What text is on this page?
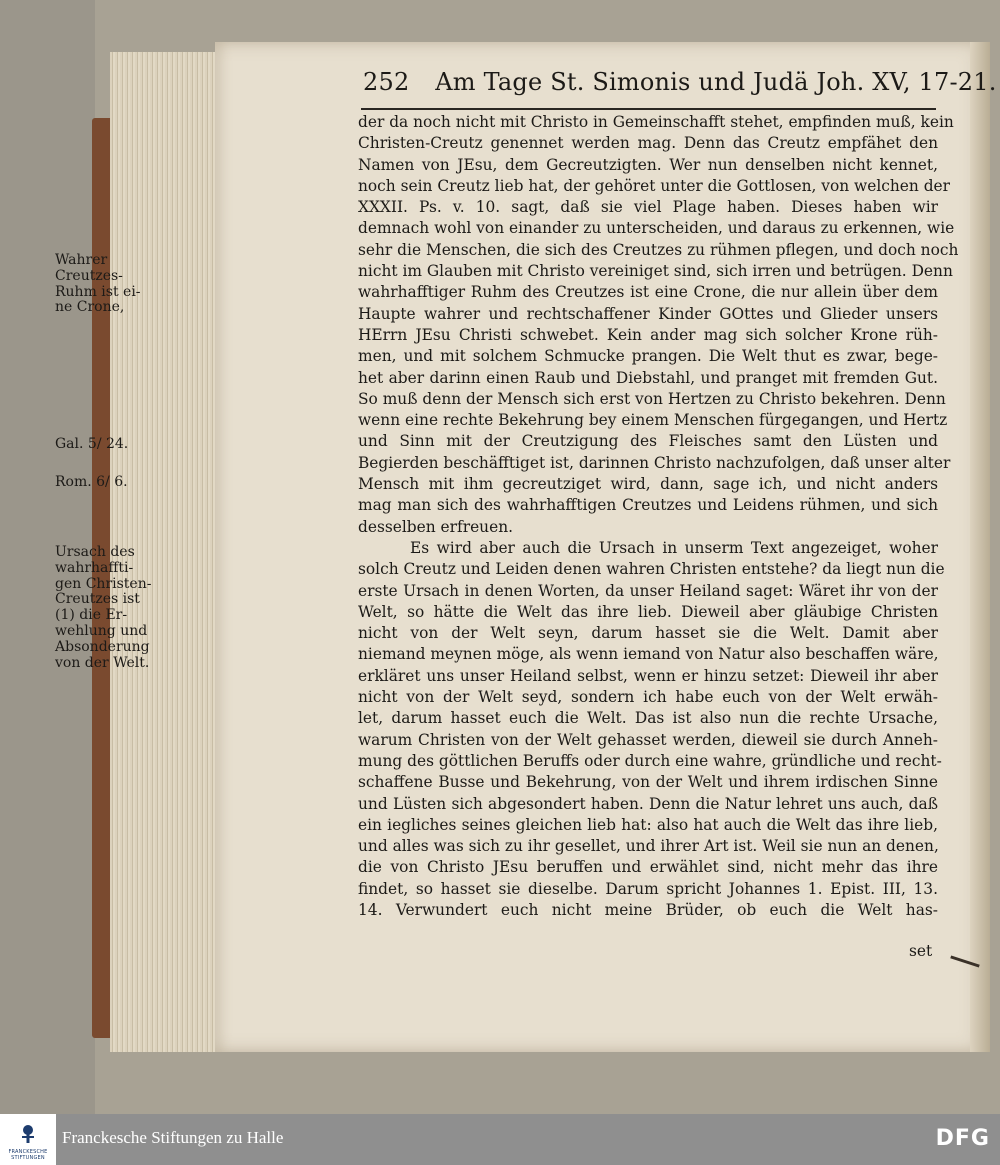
252 Am Tage St. Simonis und Judä Joh. XV, 17-21.
der da noch nicht mit Christo in Gemeinschafft stehet, empfinden muß, kein
Christen-Creutz genennet werden mag. Denn das Creutz empfähet den
Namen von JEsu, dem Gecreutzigten. Wer nun denselben nicht kennet,
noch sein Creutz lieb hat, der gehöret unter die Gottlosen, von welchen der
XXXII. Ps. v. 10. sagt, daß sie viel Plage haben. Dieses haben wir
demnach wohl von einander zu unterscheiden, und daraus zu erkennen, wie
sehr die Menschen, die sich des Creutzes zu rühmen pflegen, und doch noch
nicht im Glauben mit Christo vereiniget sind, sich irren und betrügen. Denn
wahrhafftiger Ruhm des Creutzes ist eine Crone, die nur allein über dem
Haupte wahrer und rechtschaffener Kinder GOttes und Glieder unsers
HErrn JEsu Christi schwebet. Kein ander mag sich solcher Krone rüh-
men, und mit solchem Schmucke prangen. Die Welt thut es zwar, bege-
het aber darinn einen Raub und Diebstahl, und pranget mit fremden Gut.
So muß denn der Mensch sich erst von Hertzen zu Christo bekehren. Denn
wenn eine rechte Bekehrung bey einem Menschen fürgegangen, und Hertz
und Sinn mit der Creutzigung des Fleisches samt den Lüsten und
Begierden beschäfftiget ist, darinnen Christo nachzufolgen, daß unser alter
Mensch mit ihm gecreutziget wird, dann, sage ich, und nicht anders
mag man sich des wahrhafftigen Creutzes und Leidens rühmen, und sich
desselben erfreuen.
Es wird aber auch die Ursach in unserm Text angezeiget, woher
solch Creutz und Leiden denen wahren Christen entstehe? da liegt nun die
erste Ursach in denen Worten, da unser Heiland saget: Wäret ihr von der
Welt, so hätte die Welt das ihre lieb. Dieweil aber gläubige Christen
nicht von der Welt seyn, darum hasset sie die Welt. Damit aber
niemand meynen möge, als wenn iemand von Natur also beschaffen wäre,
erkläret uns unser Heiland selbst, wenn er hinzu setzet: Dieweil ihr aber
nicht von der Welt seyd, sondern ich habe euch von der Welt erwäh-
let, darum hasset euch die Welt. Das ist also nun die rechte Ursache,
warum Christen von der Welt gehasset werden, dieweil sie durch Anneh-
mung des göttlichen Beruffs oder durch eine wahre, gründliche und recht-
schaffene Busse und Bekehrung, von der Welt und ihrem irdischen Sinne
und Lüsten sich abgesondert haben. Denn die Natur lehret uns auch, daß
ein iegliches seines gleichen lieb hat: also hat auch die Welt das ihre lieb,
und alles was sich zu ihr gesellet, und ihrer Art ist. Weil sie nun an denen,
die von Christo JEsu beruffen und erwählet sind, nicht mehr das ihre
findet, so hasset sie dieselbe. Darum spricht Johannes 1. Epist. III, 13.
14. Verwundert euch nicht meine Brüder, ob euch die Welt has-
set
Wahrer
Creutzes-
Ruhm ist ei-
ne Crone,
Gal. 5/ 24.
Rom. 6/ 6.
Ursach des
wahrhaffti-
gen Christen-
Creutzes ist
(1) die Er-
wehlung und
Absonderung
von der Welt.
FRANCKESCHE
STIFTUNGEN
Franckesche Stiftungen zu Halle	DFG
